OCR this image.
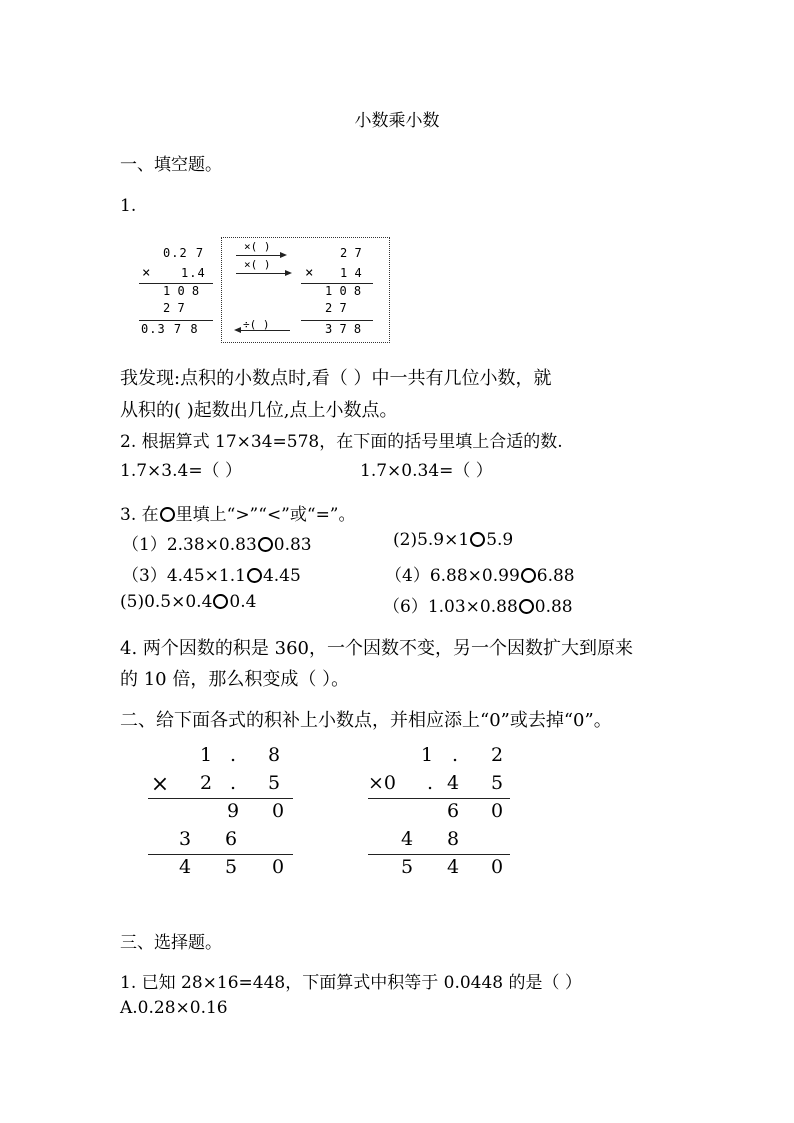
小数乘小数
一、填空题。
1.
0.2 7
×	1.4
1 0 8
2 7
0.3 7 8
×( )
×( )
2 7
× 1 4
1 0 8
2 7
3 7 8
÷( )
我发现:点积的小数点时,看（ ）中一共有几位小数，就
从积的( )起数出几位,点上小数点。
2. 根据算式 17×34=578，在下面的括号里填上合适的数.
1.7×3.4=（ ）	1.7×0.34=（ ）
3. 在 里填上“>”“<”或“=”。
（1）2.38×0.83 0.83	(2)5.9×1 5.9
（3）4.45×1.1 4.45	（4）6.88×0.99 6.88
(5)0.5×0.4 0.4	（6）1.03×0.88 0.88
4. 两个因数的积是 360，一个因数不变，另一个因数扩大到原来
的 10 倍，那么积变成（ ）。
二、给下面各式的积补上小数点，并相应添上“0”或去掉“0”。
1 .	8
× 2 .	5
9 0
3 6
4 5 0
1 .	2
×0	. 4 5
6 0
4 8
5 4 0
三、选择题。
1. 已知 28×16=448，下面算式中积等于 0.0448 的是（ ）
A.0.28×0.16
